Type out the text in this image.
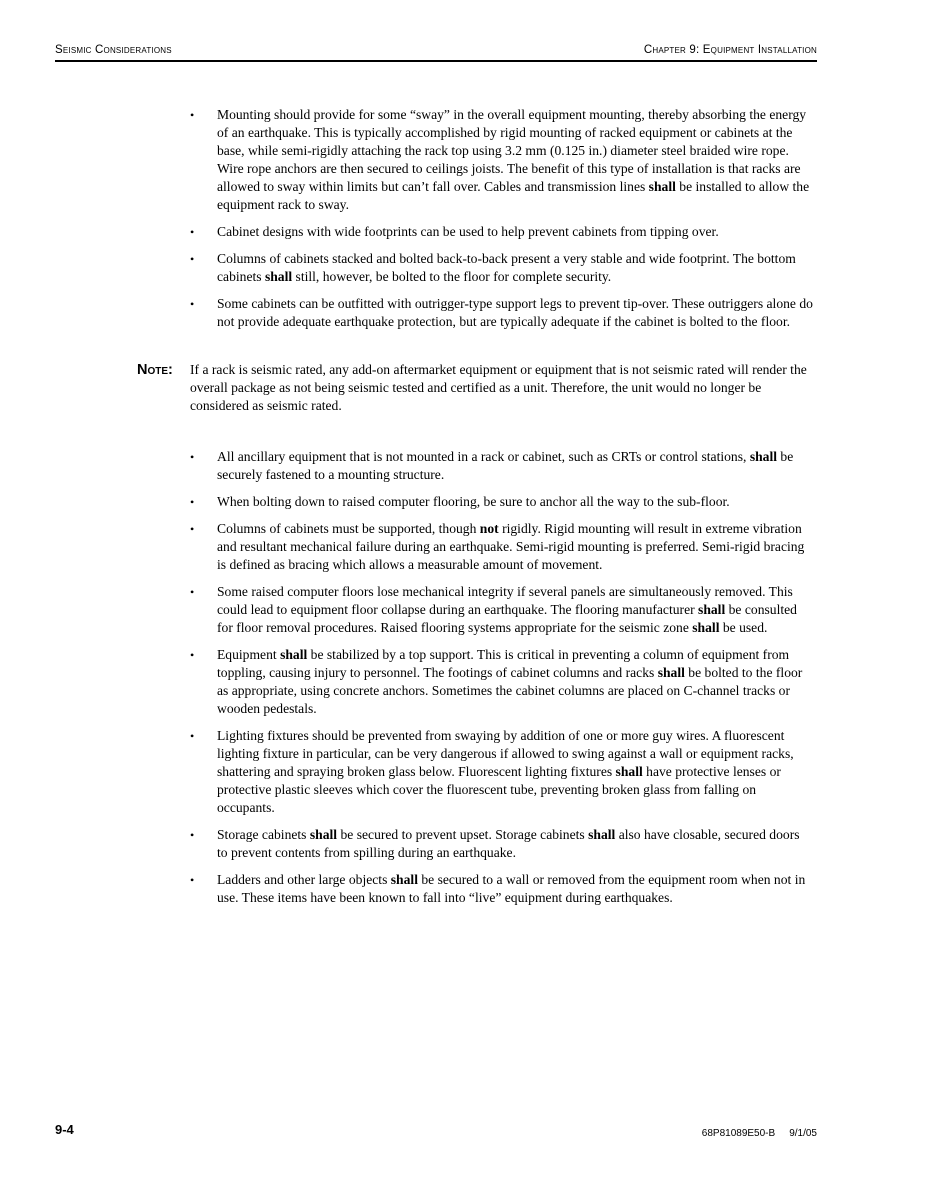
Seismic Considerations	Chapter 9: Equipment Installation
•	Mounting should provide for some “sway” in the overall equipment mounting, thereby absorbing the energy of an earthquake. This is typically accomplished by rigid mounting of racked equipment or cabinets at the base, while semi-rigidly attaching the rack top using 3.2 mm (0.125 in.) diameter steel braided wire rope. Wire rope anchors are then secured to ceilings joists. The benefit of this type of installation is that racks are allowed to sway within limits but can’t fall over. Cables and transmission lines shall be installed to allow the equipment rack to sway.
•	Cabinet designs with wide footprints can be used to help prevent cabinets from tipping over.
•	Columns of cabinets stacked and bolted back-to-back present a very stable and wide footprint. The bottom cabinets shall still, however, be bolted to the floor for complete security.
•	Some cabinets can be outfitted with outrigger-type support legs to prevent tip-over. These outriggers alone do not provide adequate earthquake protection, but are typically adequate if the cabinet is bolted to the floor.
Note:	If a rack is seismic rated, any add-on aftermarket equipment or equipment that is not seismic rated will render the overall package as not being seismic tested and certified as a unit. Therefore, the unit would no longer be considered as seismic rated.
•	All ancillary equipment that is not mounted in a rack or cabinet, such as CRTs or control stations, shall be securely fastened to a mounting structure.
•	When bolting down to raised computer flooring, be sure to anchor all the way to the sub-floor.
•	Columns of cabinets must be supported, though not rigidly. Rigid mounting will result in extreme vibration and resultant mechanical failure during an earthquake. Semi-rigid mounting is preferred. Semi-rigid bracing is defined as bracing which allows a measurable amount of movement.
•	Some raised computer floors lose mechanical integrity if several panels are simultaneously removed. This could lead to equipment floor collapse during an earthquake. The flooring manufacturer shall be consulted for floor removal procedures. Raised flooring systems appropriate for the seismic zone shall be used.
•	Equipment shall be stabilized by a top support. This is critical in preventing a column of equipment from toppling, causing injury to personnel. The footings of cabinet columns and racks shall be bolted to the floor as appropriate, using concrete anchors. Sometimes the cabinet columns are placed on C-channel tracks or wooden pedestals.
•	Lighting fixtures should be prevented from swaying by addition of one or more guy wires. A fluorescent lighting fixture in particular, can be very dangerous if allowed to swing against a wall or equipment racks, shattering and spraying broken glass below. Fluorescent lighting fixtures shall have protective lenses or protective plastic sleeves which cover the fluorescent tube, preventing broken glass from falling on occupants.
•	Storage cabinets shall be secured to prevent upset. Storage cabinets shall also have closable, secured doors to prevent contents from spilling during an earthquake.
•	Ladders and other large objects shall be secured to a wall or removed from the equipment room when not in use. These items have been known to fall into “live” equipment during earthquakes.
9-4	68P81089E50-B 9/1/05
